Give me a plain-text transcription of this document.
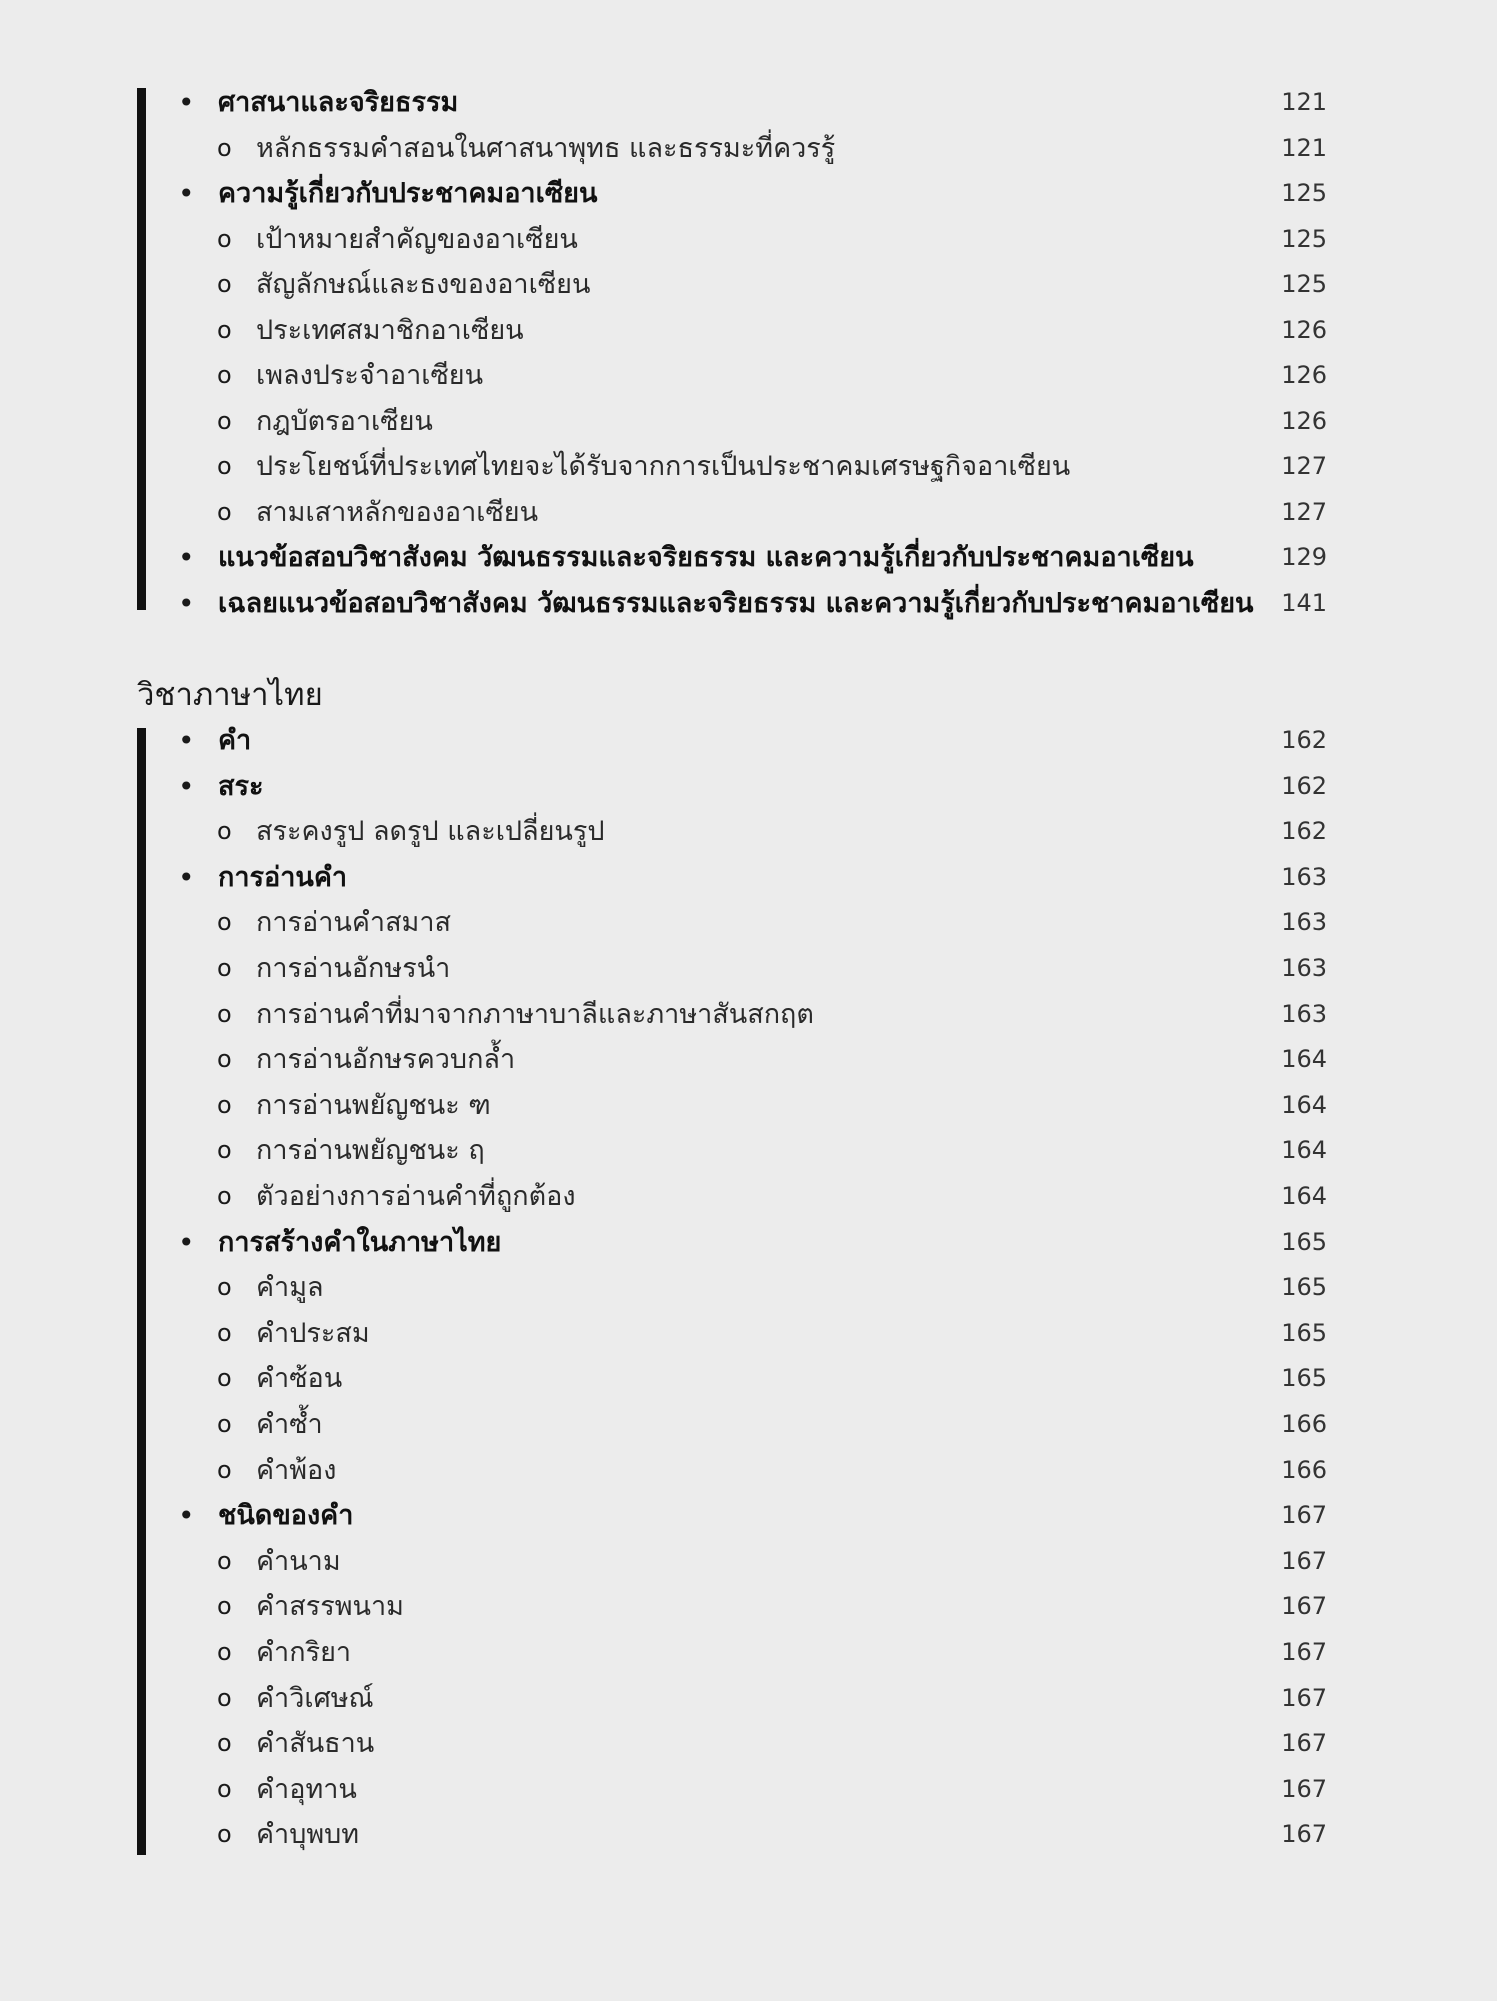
• ศาสนาและจริยธรรม	121
o หลักธรรมคำสอนในศาสนาพุทธ และธรรมะที่ควรรู้	121
• ความรู้เกี่ยวกับประชาคมอาเซียน	125
o เป้าหมายสำคัญของอาเซียน	125
o สัญลักษณ์และธงของอาเซียน	125
o ประเทศสมาชิกอาเซียน	126
o เพลงประจำอาเซียน	126
o กฎบัตรอาเซียน	126
o ประโยชน์ที่ประเทศไทยจะได้รับจากการเป็นประชาคมเศรษฐกิจอาเซียน	127
o สามเสาหลักของอาเซียน	127
• แนวข้อสอบวิชาสังคม วัฒนธรรมและจริยธรรม และความรู้เกี่ยวกับประชาคมอาเซียน	129
• เฉลยแนวข้อสอบวิชาสังคม วัฒนธรรมและจริยธรรม และความรู้เกี่ยวกับประชาคมอาเซียน 141
วิชาภาษาไทย
• คำ	162
• สระ	162
o สระคงรูป ลดรูป และเปลี่ยนรูป	162
• การอ่านคำ	163
o การอ่านคำสมาส	163
o การอ่านอักษรนำ	163
o การอ่านคำที่มาจากภาษาบาลีและภาษาสันสกฤต	163
o การอ่านอักษรควบกล้ำ	164
o การอ่านพยัญชนะ ฑ	164
o การอ่านพยัญชนะ ฤ	164
o ตัวอย่างการอ่านคำที่ถูกต้อง	164
• การสร้างคำในภาษาไทย	165
o คำมูล	165
o คำประสม	165
o คำซ้อน	165
o คำซ้ำ	166
o คำพ้อง	166
• ชนิดของคำ	167
o คำนาม	167
o คำสรรพนาม	167
o คำกริยา	167
o คำวิเศษณ์	167
o คำสันธาน	167
o คำอุทาน	167
o คำบุพบท	167
